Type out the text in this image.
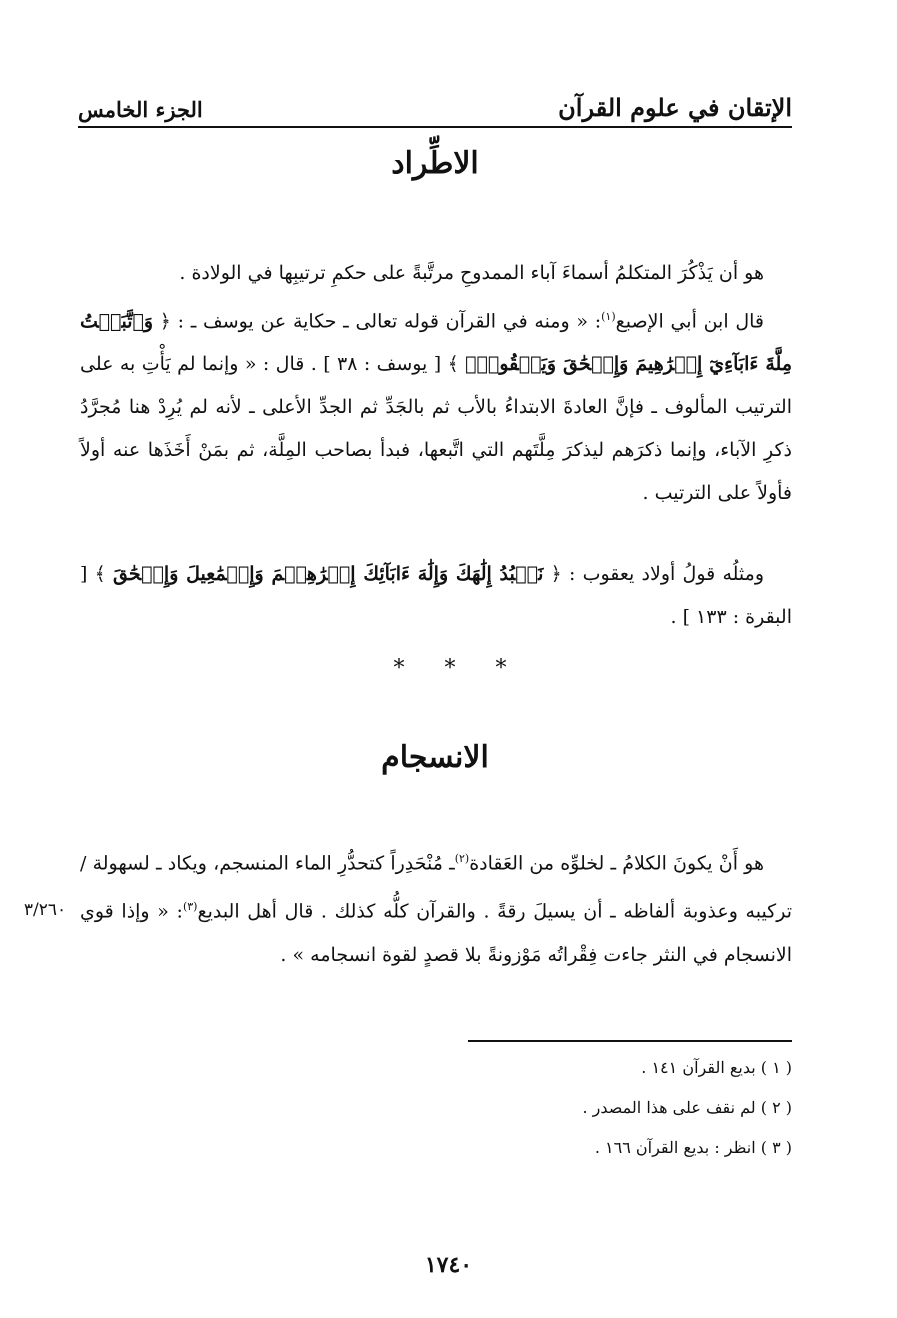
الإتقان في علوم القرآن
الجزء الخامس
الاطِّراد
هو أن يَذْكُرَ المتكلمُ أسماءَ آباء الممدوحِ مرتَّبةً على حكمِ ترتيبِها في الولادة .
قال ابن أبي الإصبع$^{(١)}$: « ومنه في القرآن قوله تعالى ـ حكاية عن يوسف ـ : ﴿ وَٱتَّبَعۡتُ مِلَّةَ ءَابَآءِيٓ إِبۡرَٰهِيمَ وَإِسۡحَٰقَ وَيَعۡقُوبَۚ ﴾ [ يوسف : ٣٨ ] . قال : « وإنما لم يَأْتِ به على الترتيب المألوف ـ فإنَّ العادةَ الابتداءُ بالأب ثم بالجَدِّ ثم الجدِّ الأعلى ـ لأنه لم يُرِدْ هنا مُجرَّدُ ذكرِ الآباء، وإنما ذكرَهم ليذكرَ مِلَّتَهم التي اتَّبعها، فبدأ بصاحب المِلَّة، ثم بمَنْ أَخَذَها عنه أولاً فأولاً على الترتيب .
ومثلُه قولُ أولاد يعقوب : ﴿ نَعۡبُدُ إِلَٰهَكَ وَإِلَٰهَ ءَابَآئِكَ إِبۡرَٰهِـۧمَ وَإِسۡمَٰعِيلَ وَإِسۡحَٰقَ ﴾ [ البقرة : ١٣٣ ] .
*
*
*
الانسجام
هو أَنْ يكونَ الكلامُ ـ لخلوِّه من العَقادة$^{(٢)}$ـ مُنْحَدِراً كتحدُّرِ الماء المنسجم، ويكاد ـ لسهولة / تركيبه وعذوبة ألفاظه ـ أن يسيلَ رقةً . والقرآن كلُّه كذلك . قال أهل البديع$^{(٣)}$: « وإذا قوي الانسجام في النثر جاءت فِقْراتُه مَوْزونةً بلا قصدٍ لقوة انسجامه » .
٣/٢٦٠
( ١ ) بديع القرآن ١٤١ .
( ٢ ) لم نقف على هذا المصدر .
( ٣ ) انظر : بديع القرآن ١٦٦ .
١٧٤٠
